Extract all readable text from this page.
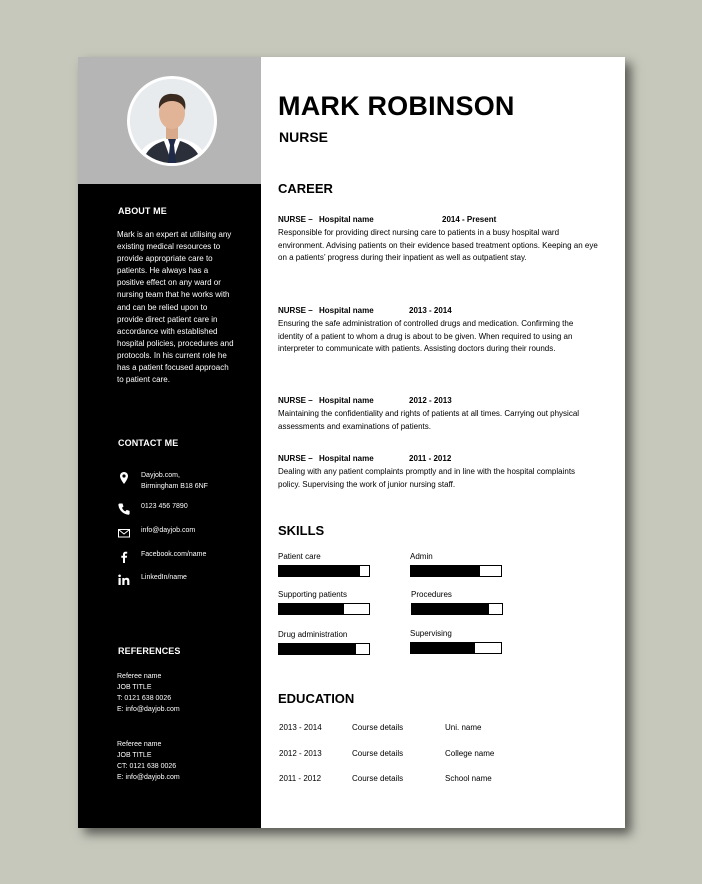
ABOUT ME
Mark is an expert at utilising any existing medical resources to provide appropriate care to patients. He always has a positive effect on any ward or nursing team that he works with and can be relied upon to provide direct patient care in accordance with established hospital policies, procedures and protocols. In his current role he has a patient focused approach to patient care.
CONTACT ME
Dayjob.com,
Birmingham B18 6NF
0123 456 7890
info@dayjob.com
Facebook.com/name
LinkedIn/name
REFERENCES
Referee name
JOB TITLE
T: 0121 638 0026
E: info@dayjob.com
Referee name
JOB TITLE
CT: 0121 638 0026
E: info@dayjob.com
MARK ROBINSON
NURSE
CAREER
NURSE – Hospital name	2014 - Present
Responsible for providing direct nursing care to patients in a busy hospital ward environment. Advising patients on their evidence based treatment options. Keeping an eye on a patients’ progress during their inpatient as well as outpatient stay.
NURSE – Hospital name	2013 - 2014
Ensuring the safe administration of controlled drugs and medication. Confirming the identity of a patient to whom a drug is about to be given. When required to using an interpreter to communicate with patients. Assisting doctors during their rounds.
NURSE – Hospital name	2012 - 2013
Maintaining the confidentiality and rights of patients at all times. Carrying out physical assessments and examinations of patients.
NURSE – Hospital name	2011 - 2012
Dealing with any patient complaints promptly and in line with the hospital complaints policy. Supervising the work of junior nursing staff.
SKILLS
Patient care	Admin
Supporting patients	Procedures
Drug administration	Supervising
EDUCATION
2013 - 2014	Course details	Uni. name
2012 - 2013	Course details	College name
2011 - 2012	Course details	School name
